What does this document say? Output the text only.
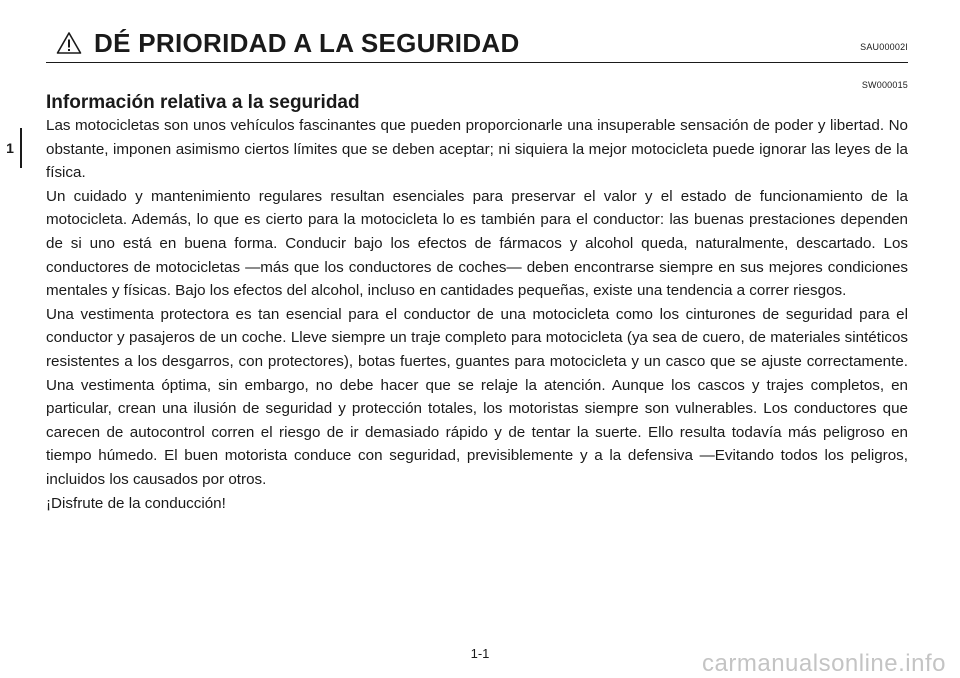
1
DÉ PRIORIDAD A LA SEGURIDAD	SAU00002I
SW000015
Información relativa a la seguridad

Las motocicletas son unos vehículos fascinantes que pueden proporcionarle una insuperable sensación de poder y libertad. No obstante, imponen asimismo ciertos límites que se deben aceptar; ni siquiera la mejor motocicleta puede ignorar las leyes de la física.

Un cuidado y mantenimiento regulares resultan esenciales para preservar el valor y el estado de funcionamiento de la motocicleta. Además, lo que es cierto para la motocicleta lo es también para el conductor: las buenas prestaciones dependen de si uno está en buena forma. Conducir bajo los efectos de fármacos y alcohol queda, naturalmente, descartado. Los conductores de motocicletas —más que los conductores de coches— deben encontrarse siempre en sus mejores condiciones mentales y físicas. Bajo los efectos del alcohol, incluso en cantidades pequeñas, existe una tendencia a correr riesgos.

Una vestimenta protectora es tan esencial para el conductor de una motocicleta como los cinturones de seguridad para el conductor y pasajeros de un coche. Lleve siempre un traje completo para motocicleta (ya sea de cuero, de materiales sintéticos resistentes a los desgarros, con protectores), botas fuertes, guantes para motocicleta y un casco que se ajuste correctamente. Una vestimenta óptima, sin embargo, no debe hacer que se relaje la atención. Aunque los cascos y trajes completos, en particular, crean una ilusión de seguridad y protección totales, los motoristas siempre son vulnerables. Los conductores que carecen de autocontrol corren el riesgo de ir demasiado rápido y de tentar la suerte. Ello resulta todavía más peligroso en tiempo húmedo. El buen motorista conduce con seguridad, previsiblemente y a la defensiva —Evitando todos los peligros, incluidos los causados por otros.

¡Disfrute de la conducción!

1-1	carmanualsonline.info
